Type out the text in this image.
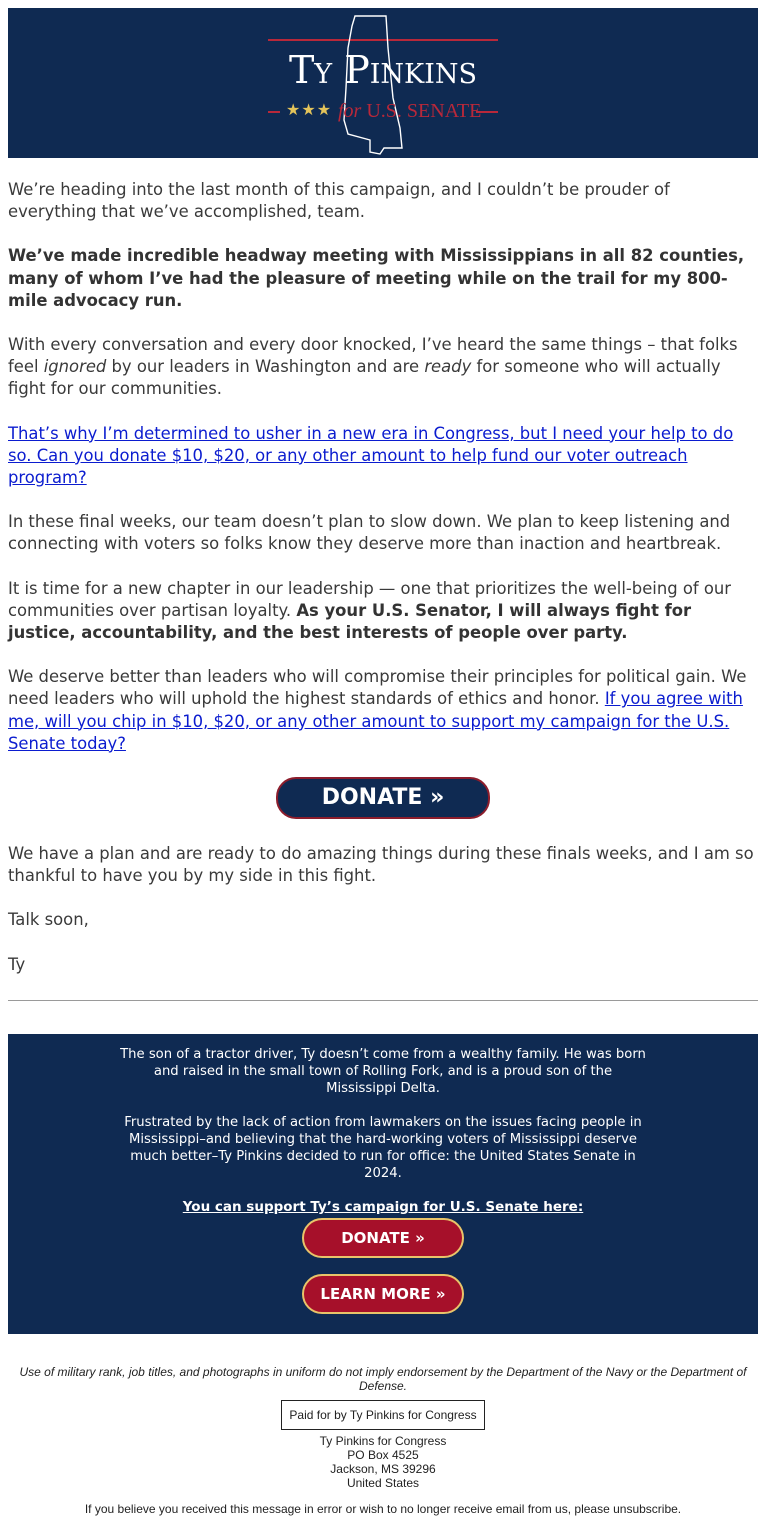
Ty Pinkins
★★★ for U.S. SENATE

We’re heading into the last month of this campaign, and I couldn’t be prouder of everything that we’ve accomplished, team.

We’ve made incredible headway meeting with Mississippians in all 82 counties, many of whom I’ve had the pleasure of meeting while on the trail for my 800-mile advocacy run.

With every conversation and every door knocked, I’ve heard the same things – that folks feel ignored by our leaders in Washington and are ready for someone who will actually fight for our communities.

That’s why I’m determined to usher in a new era in Congress, but I need your help to do so. Can you donate $10, $20, or any other amount to help fund our voter outreach program?

In these final weeks, our team doesn’t plan to slow down. We plan to keep listening and connecting with voters so folks know they deserve more than inaction and heartbreak.

It is time for a new chapter in our leadership — one that prioritizes the well-being of our communities over partisan loyalty. As your U.S. Senator, I will always fight for justice, accountability, and the best interests of people over party.

We deserve better than leaders who will compromise their principles for political gain. We need leaders who will uphold the highest standards of ethics and honor. If you agree with me, will you chip in $10, $20, or any other amount to support my campaign for the U.S. Senate today?

DONATE »

We have a plan and are ready to do amazing things during these finals weeks, and I am so thankful to have you by my side in this fight.

Talk soon,

Ty

The son of a tractor driver, Ty doesn’t come from a wealthy family. He was born and raised in the small town of Rolling Fork, and is a proud son of the Mississippi Delta.

Frustrated by the lack of action from lawmakers on the issues facing people in Mississippi–and believing that the hard-working voters of Mississippi deserve much better–Ty Pinkins decided to run for office: the United States Senate in 2024.

You can support Ty’s campaign for U.S. Senate here:
DONATE »
LEARN MORE »
Use of military rank, job titles, and photographs in uniform do not imply endorsement by the Department of the Navy or the Department of Defense.
Paid for by Ty Pinkins for Congress
Ty Pinkins for Congress
PO Box 4525
Jackson, MS 39296
United States
If you believe you received this message in error or wish to no longer receive email from us, please unsubscribe.
